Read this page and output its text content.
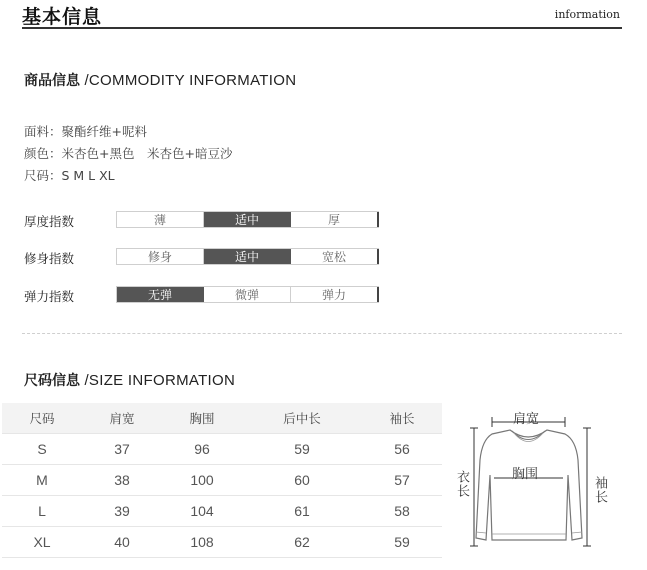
基本信息	information
商品信息 /COMMODITY INFORMATION
面料：聚酯纤维+呢料
颜色：米杏色+黑色　米杏色+暗豆沙
尺码：S M L XL
厚度指数	薄	适中	厚
修身指数	修身	适中	宽松
弹力指数	无弹	微弹	弹力
尺码信息 /SIZE INFORMATION
尺码	肩宽	胸围	后中长	袖长
S	37	96	59	56
M	38	100	60	57
L	39	104	61	58
XL	40	108	62	59
肩宽
胸围
衣长	袖长
